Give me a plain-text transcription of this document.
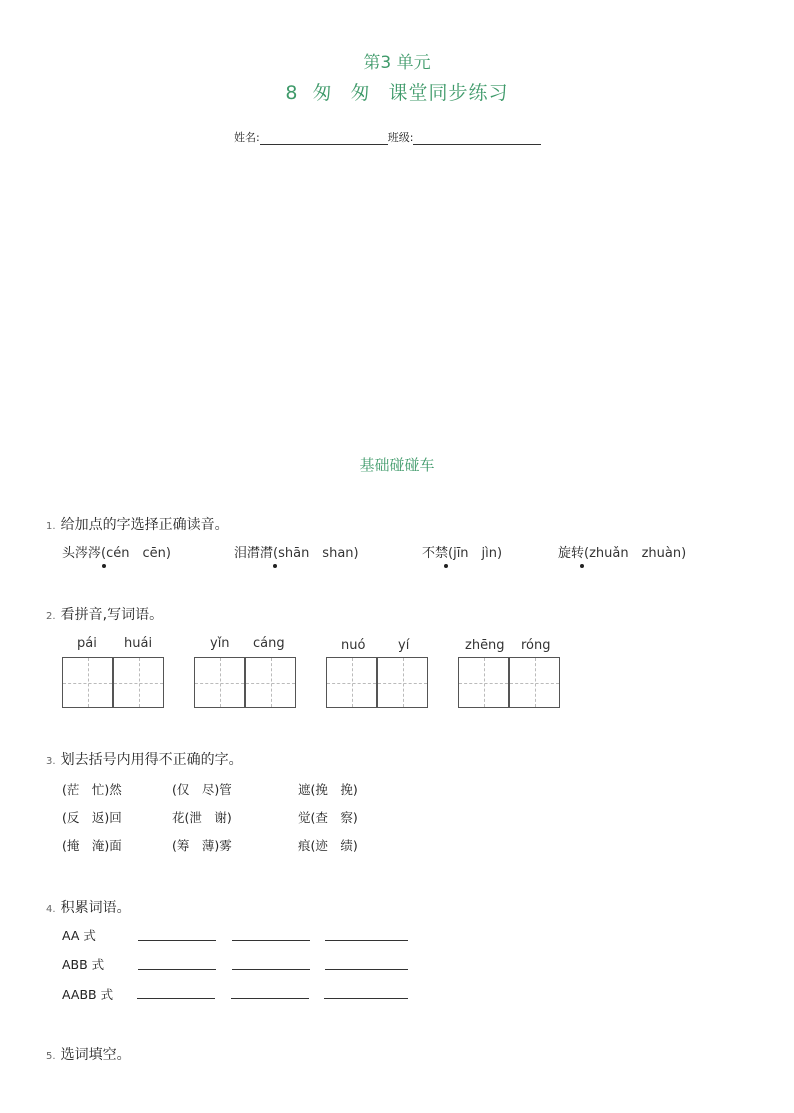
第3 单元
8 匆 匆 课堂同步练习
姓名:	班级:
基础碰碰车
1. 给加点的字选择正确读音。
头涔涔(cén　cēn)	泪潸潸(shān　shan)	不禁(jīn　jìn)	旋转(zhuǎn　zhuàn)
2. 看拼音,写词语。
pái huái	yǐn cáng	nuó	yí	zhēng róng
3. 划去括号内用得不正确的字。
(茫　忙)然	(仅　尽)管	遮(挽　挽)
(反　返)回	花(泄　谢)	觉(查　察)
(掩　淹)面	(筹　薄)雾	痕(迹　绩)
4. 积累词语。
AA 式
ABB 式
AABB 式
5. 选词填空。
